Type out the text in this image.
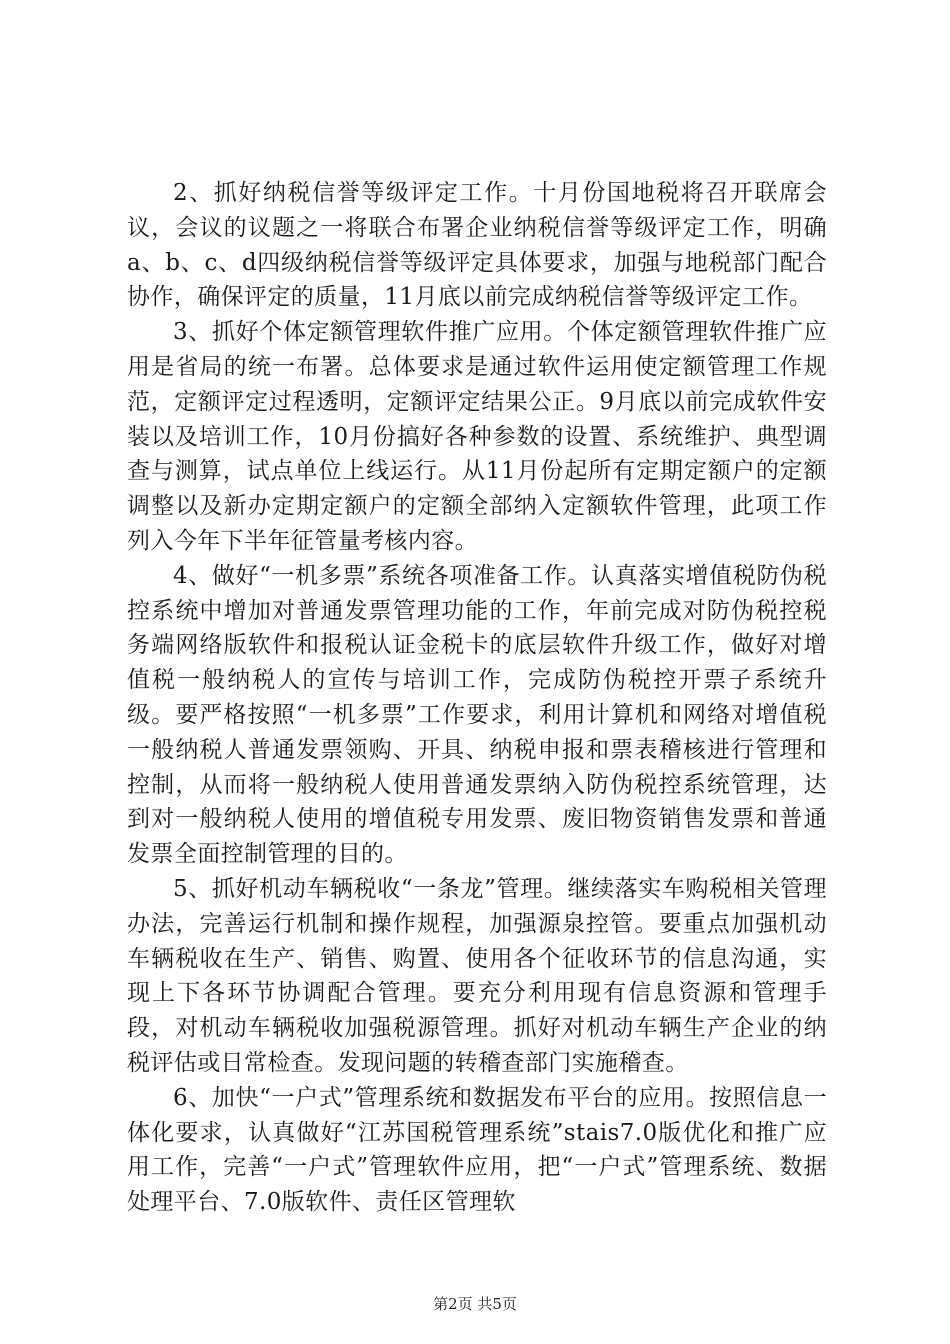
2、抓好纳税信誉等级评定工作。十月份国地税将召开联席会议，会议的议题之一将联合布署企业纳税信誉等级评定工作，明确a、b、c、d四级纳税信誉等级评定具体要求，加强与地税部门配合协作，确保评定的质量，11月底以前完成纳税信誉等级评定工作。

3、抓好个体定额管理软件推广应用。个体定额管理软件推广应用是省局的统一布署。总体要求是通过软件运用使定额管理工作规范，定额评定过程透明，定额评定结果公正。9月底以前完成软件安装以及培训工作，10月份搞好各种参数的设置、系统维护、典型调查与测算，试点单位上线运行。从11月份起所有定期定额户的定额调整以及新办定期定额户的定额全部纳入定额软件管理，此项工作列入今年下半年征管量考核内容。

4、做好“一机多票”系统各项准备工作。认真落实增值税防伪税控系统中增加对普通发票管理功能的工作，年前完成对防伪税控税务端网络版软件和报税认证金税卡的底层软件升级工作，做好对增值税一般纳税人的宣传与培训工作，完成防伪税控开票子系统升级。要严格按照“一机多票”工作要求，利用计算机和网络对增值税一般纳税人普通发票领购、开具、纳税申报和票表稽核进行管理和控制，从而将一般纳税人使用普通发票纳入防伪税控系统管理，达到对一般纳税人使用的增值税专用发票、废旧物资销售发票和普通发票全面控制管理的目的。

5、抓好机动车辆税收“一条龙”管理。继续落实车购税相关管理办法，完善运行机制和操作规程，加强源泉控管。要重点加强机动车辆税收在生产、销售、购置、使用各个征收环节的信息沟通，实现上下各环节协调配合管理。要充分利用现有信息资源和管理手段，对机动车辆税收加强税源管理。抓好对机动车辆生产企业的纳税评估或日常检查。发现问题的转稽查部门实施稽查。

6、加快“一户式”管理系统和数据发布平台的应用。按照信息一体化要求，认真做好“江苏国税管理系统”stais7.0版优化和推广应用工作，完善“一户式”管理软件应用，把“一户式”管理系统、数据处理平台、7.0版软件、责任区管理软

第2页 共5页
